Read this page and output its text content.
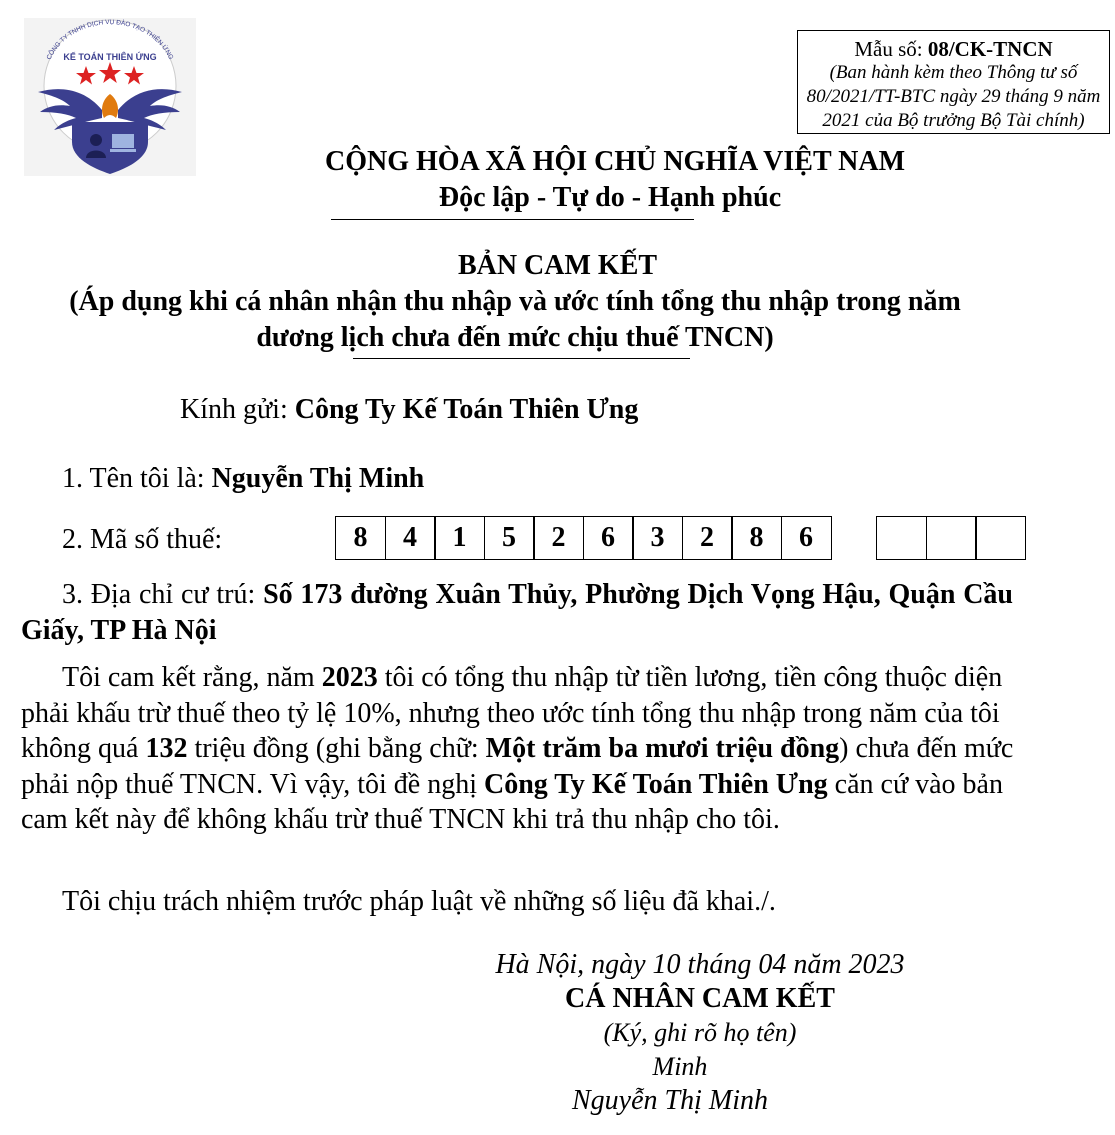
CÔNG TY TNHH DỊCH VỤ ĐÀO TẠO THIÊN ỨNG
KẾ TOÁN THIÊN ỨNG	Mẫu số: 08/CK-TNCN
(Ban hành kèm theo Thông tư số
80/2021/TT-BTC ngày 29 tháng 9 năm
2021 của Bộ trưởng Bộ Tài chính)
CỘNG HÒA XÃ HỘI CHỦ NGHĨA VIỆT NAM
Độc lập - Tự do - Hạnh phúc
BẢN CAM KẾT
(Áp dụng khi cá nhân nhận thu nhập và ước tính tổng thu nhập trong năm
dương lịch chưa đến mức chịu thuế TNCN)
Kính gửi: Công Ty Kế Toán Thiên Ưng
1. Tên tôi là: Nguyễn Thị Minh
2. Mã số thuế:	8	4	1	5	2	6	3	2	8	6
3. Địa chỉ cư trú: Số 173 đường Xuân Thủy, Phường Dịch Vọng Hậu, Quận Cầu Giấy, TP Hà Nội
Tôi cam kết rằng, năm 2023 tôi có tổng thu nhập từ tiền lương, tiền công thuộc diện phải khấu trừ thuế theo tỷ lệ 10%, nhưng theo ước tính tổng thu nhập trong năm của tôi không quá 132 triệu đồng (ghi bằng chữ: Một trăm ba mươi triệu đồng) chưa đến mức phải nộp thuế TNCN. Vì vậy, tôi đề nghị Công Ty Kế Toán Thiên Ưng căn cứ vào bản cam kết này để không khấu trừ thuế TNCN khi trả thu nhập cho tôi.
Tôi chịu trách nhiệm trước pháp luật về những số liệu đã khai./.
Hà Nội, ngày 10 tháng 04 năm 2023
CÁ NHÂN CAM KẾT
(Ký, ghi rõ họ tên)
Minh
Nguyễn Thị Minh
